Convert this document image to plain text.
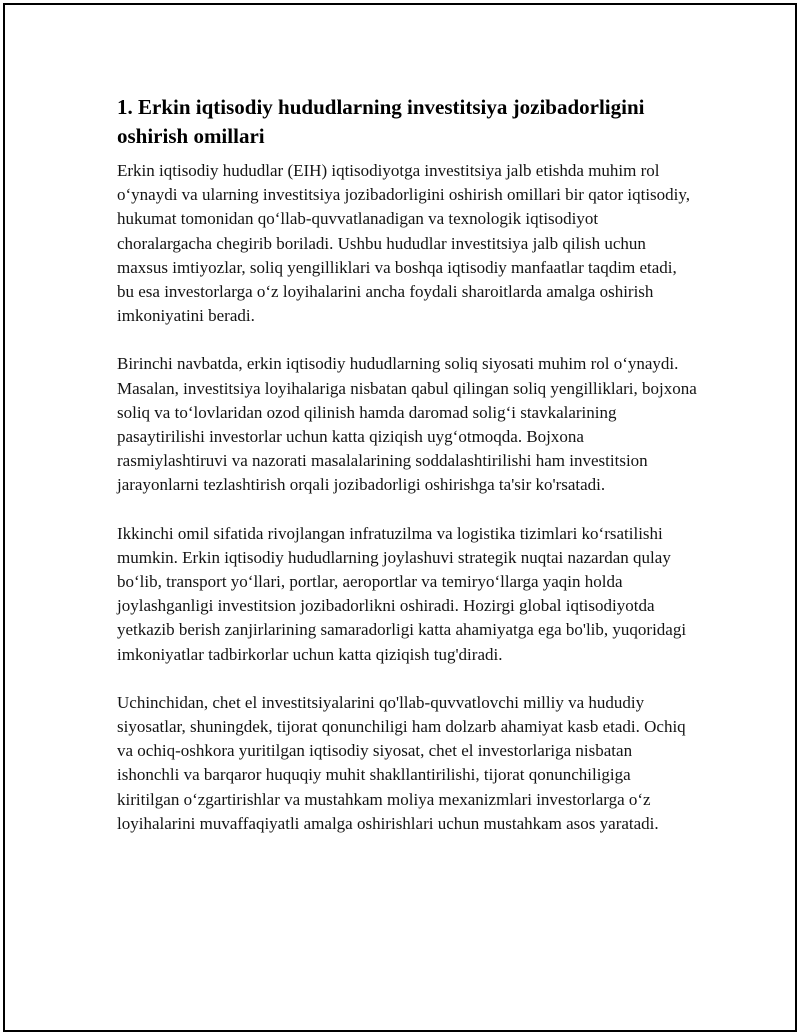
1. Erkin iqtisodiy hududlarning investitsiya jozibadorligini oshirish omillari

Erkin iqtisodiy hududlar (EIH) iqtisodiyotga investitsiya jalb etishda muhim rol o‘ynaydi va ularning investitsiya jozibadorligini oshirish omillari bir qator iqtisodiy, hukumat tomonidan qo‘llab-quvvatlanadigan va texnologik iqtisodiyot choralargacha chegirib boriladi. Ushbu hududlar investitsiya jalb qilish uchun maxsus imtiyozlar, soliq yengilliklari va boshqa iqtisodiy manfaatlar taqdim etadi, bu esa investorlarga o‘z loyihalarini ancha foydali sharoitlarda amalga oshirish imkoniyatini beradi.

Birinchi navbatda, erkin iqtisodiy hududlarning soliq siyosati muhim rol o‘ynaydi. Masalan, investitsiya loyihalariga nisbatan qabul qilingan soliq yengilliklari, bojxona soliq va to‘lovlaridan ozod qilinish hamda daromad solig‘i stavkalarining pasaytirilishi investorlar uchun katta qiziqish uyg‘otmoqda. Bojxona rasmiylashtiruvi va nazorati masalalarining soddalashtirilishi ham investitsion jarayonlarni tezlashtirish orqali jozibadorligi oshirishga ta'sir ko'rsatadi.

Ikkinchi omil sifatida rivojlangan infratuzilma va logistika tizimlari ko‘rsatilishi mumkin. Erkin iqtisodiy hududlarning joylashuvi strategik nuqtai nazardan qulay bo‘lib, transport yo‘llari, portlar, aeroportlar va temiryo‘llarga yaqin holda joylashganligi investitsion jozibadorlikni oshiradi. Hozirgi global iqtisodiyotda yetkazib berish zanjirlarining samaradorligi katta ahamiyatga ega bo'lib, yuqoridagi imkoniyatlar tadbirkorlar uchun katta qiziqish tug'diradi.

Uchinchidan, chet el investitsiyalarini qo'llab-quvvatlovchi milliy va hududiy siyosatlar, shuningdek, tijorat qonunchiligi ham dolzarb ahamiyat kasb etadi. Ochiq va ochiq-oshkora yuritilgan iqtisodiy siyosat, chet el investorlariga nisbatan ishonchli va barqaror huquqiy muhit shakllantirilishi, tijorat qonunchiligiga kiritilgan o‘zgartirishlar va mustahkam moliya mexanizmlari investorlarga o‘z loyihalarini muvaffaqiyatli amalga oshirishlari uchun mustahkam asos yaratadi.
